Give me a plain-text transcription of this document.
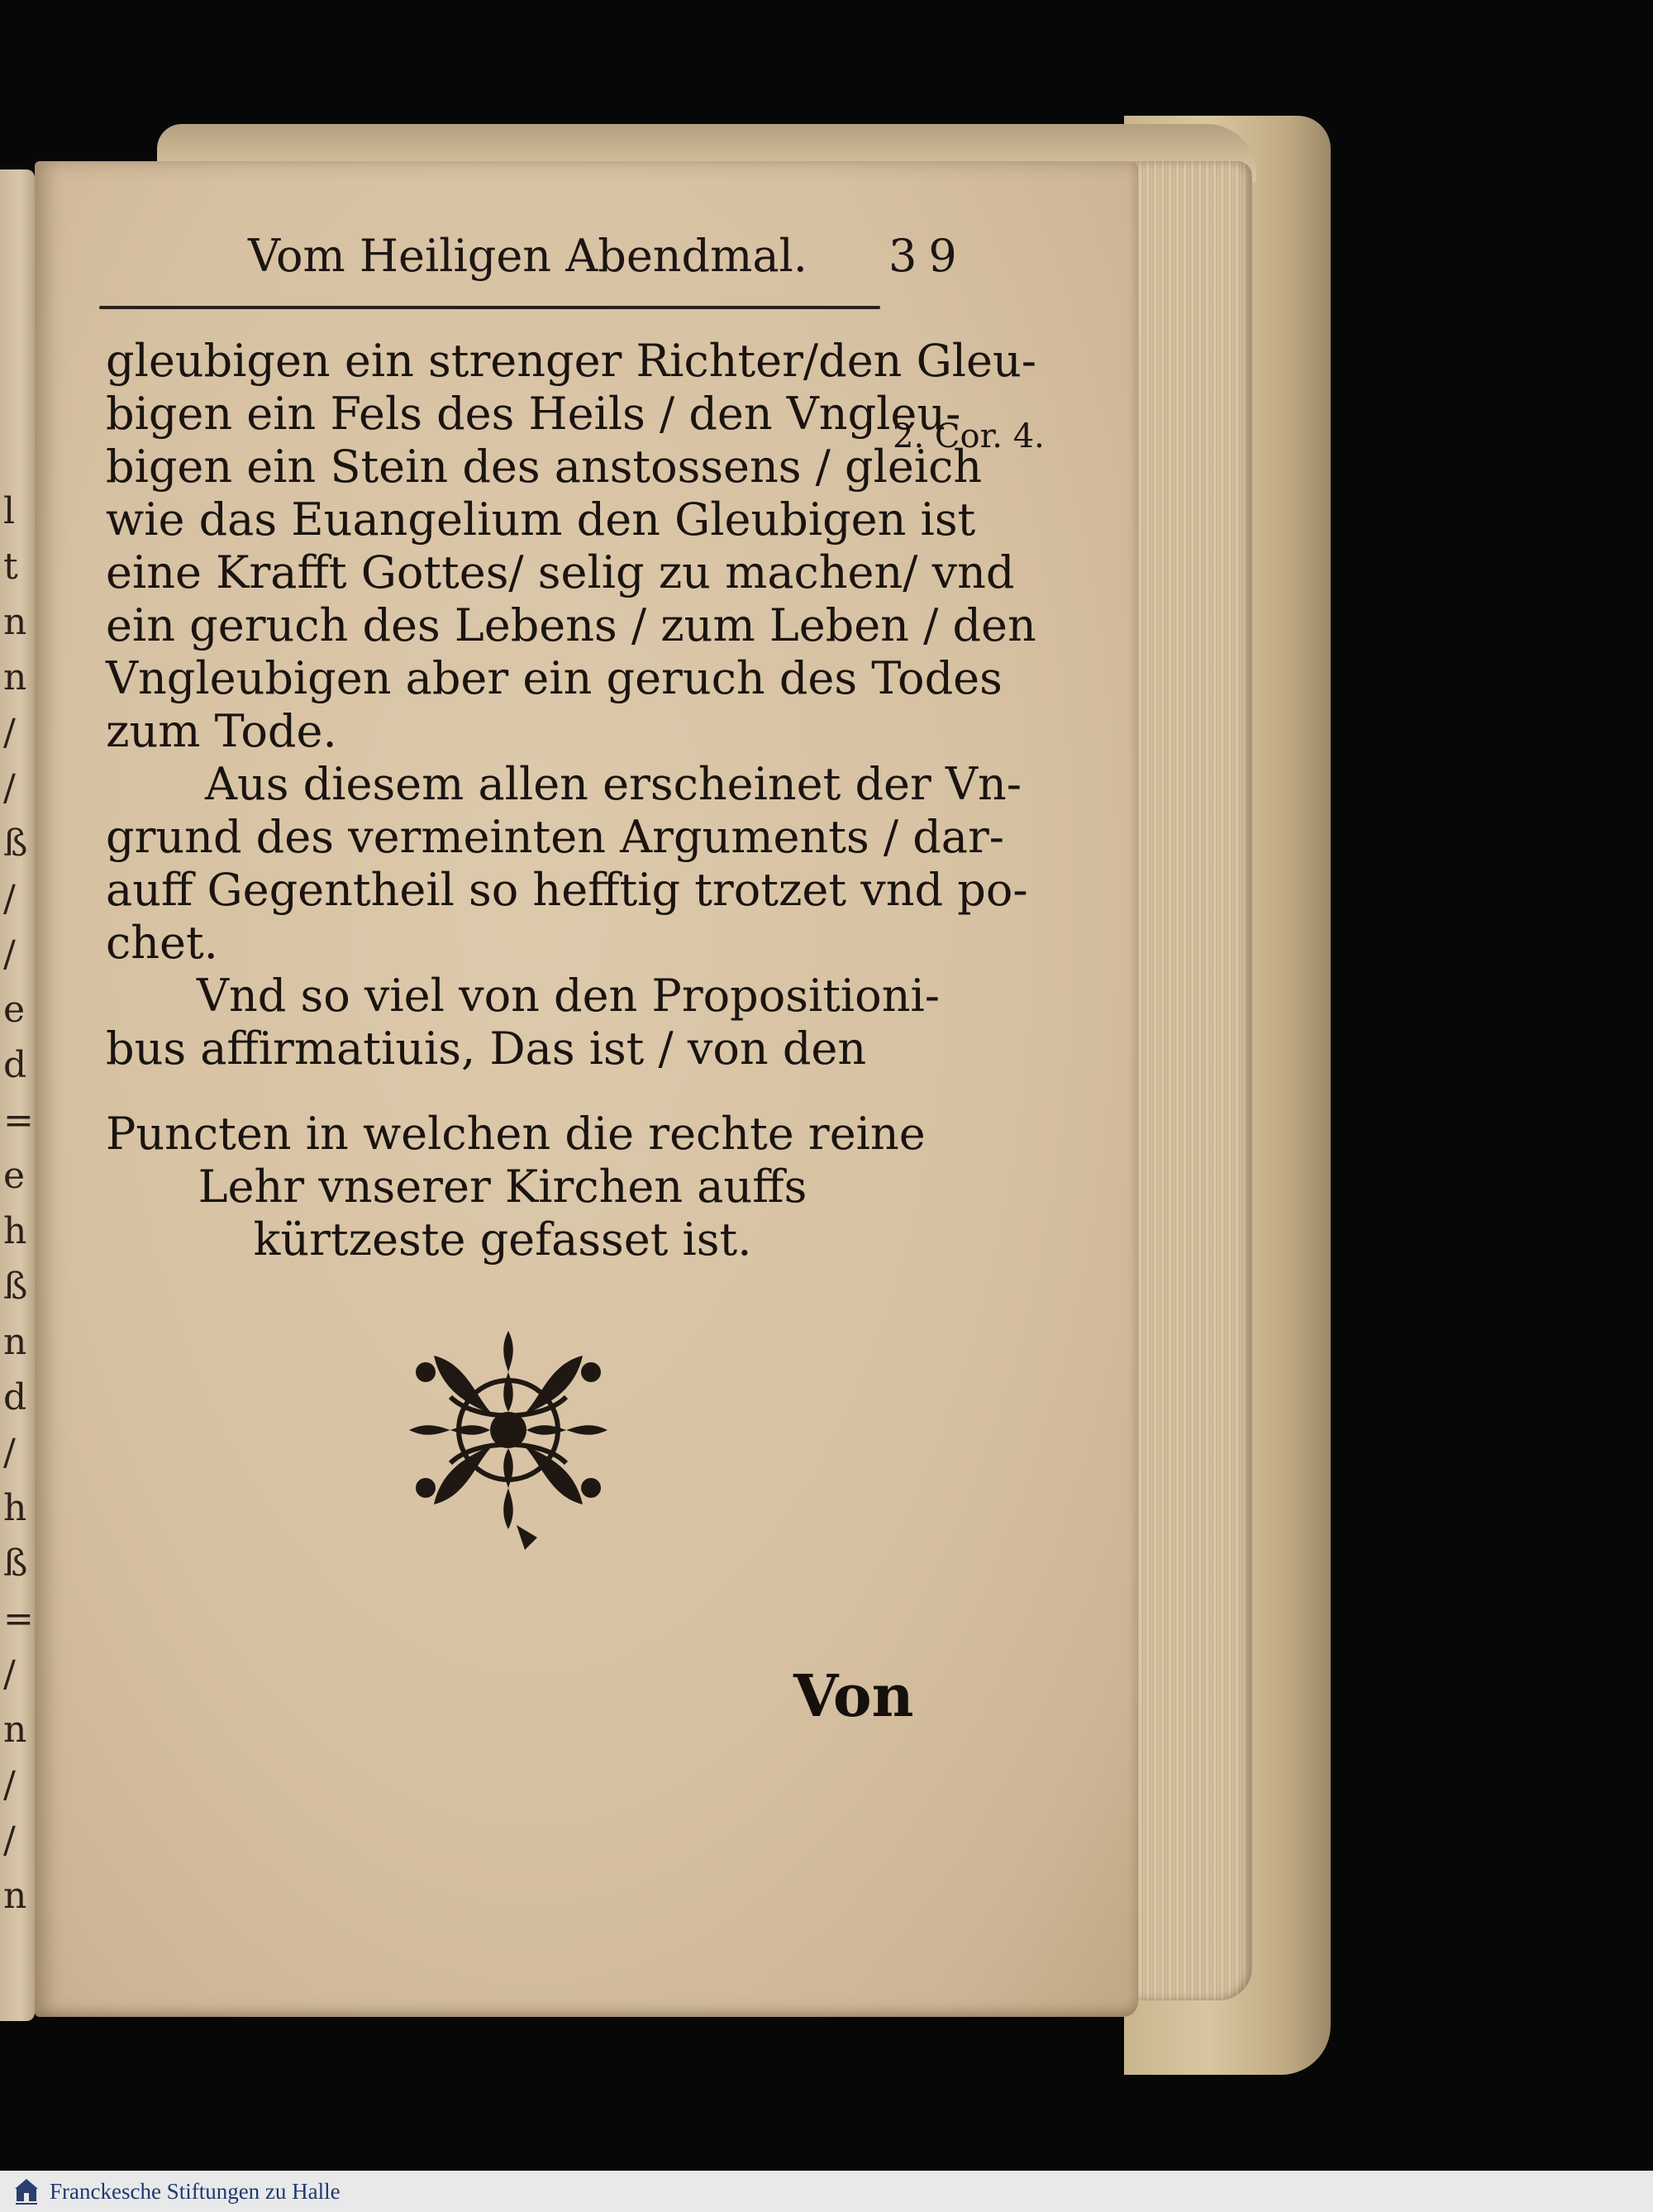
l
t
n
n
/
/
ß
/
/
e
d
=
e
h
ß
n
d
/
h
ß
=
/
n
/
/
n
Vom Heiligen Abendmal. 39
2. Cor. 4.
gleubigen ein strenger Richter/den Gleu-
bigen ein Fels des Heils / den Vngleu-
bigen ein Stein des anstossens / gleich
wie das Euangelium den Gleubigen ist
eine Krafft Gottes/ selig zu machen/ vnd
ein geruch des Lebens / zum Leben / den
Vngleubigen aber ein geruch des Todes
zum Tode.
Aus diesem allen erscheinet der Vn-
grund des vermeinten Arguments / dar-
auff Gegentheil so hefftig trotzet vnd po-
chet.
Vnd so viel von den Propositioni-
bus affirmatiuis, Das ist / von den
Puncten in welchen die rechte reine
Lehr vnserer Kirchen auffs
kürtzeste gefasset ist.
Von
Franckesche Stiftungen zu Halle
